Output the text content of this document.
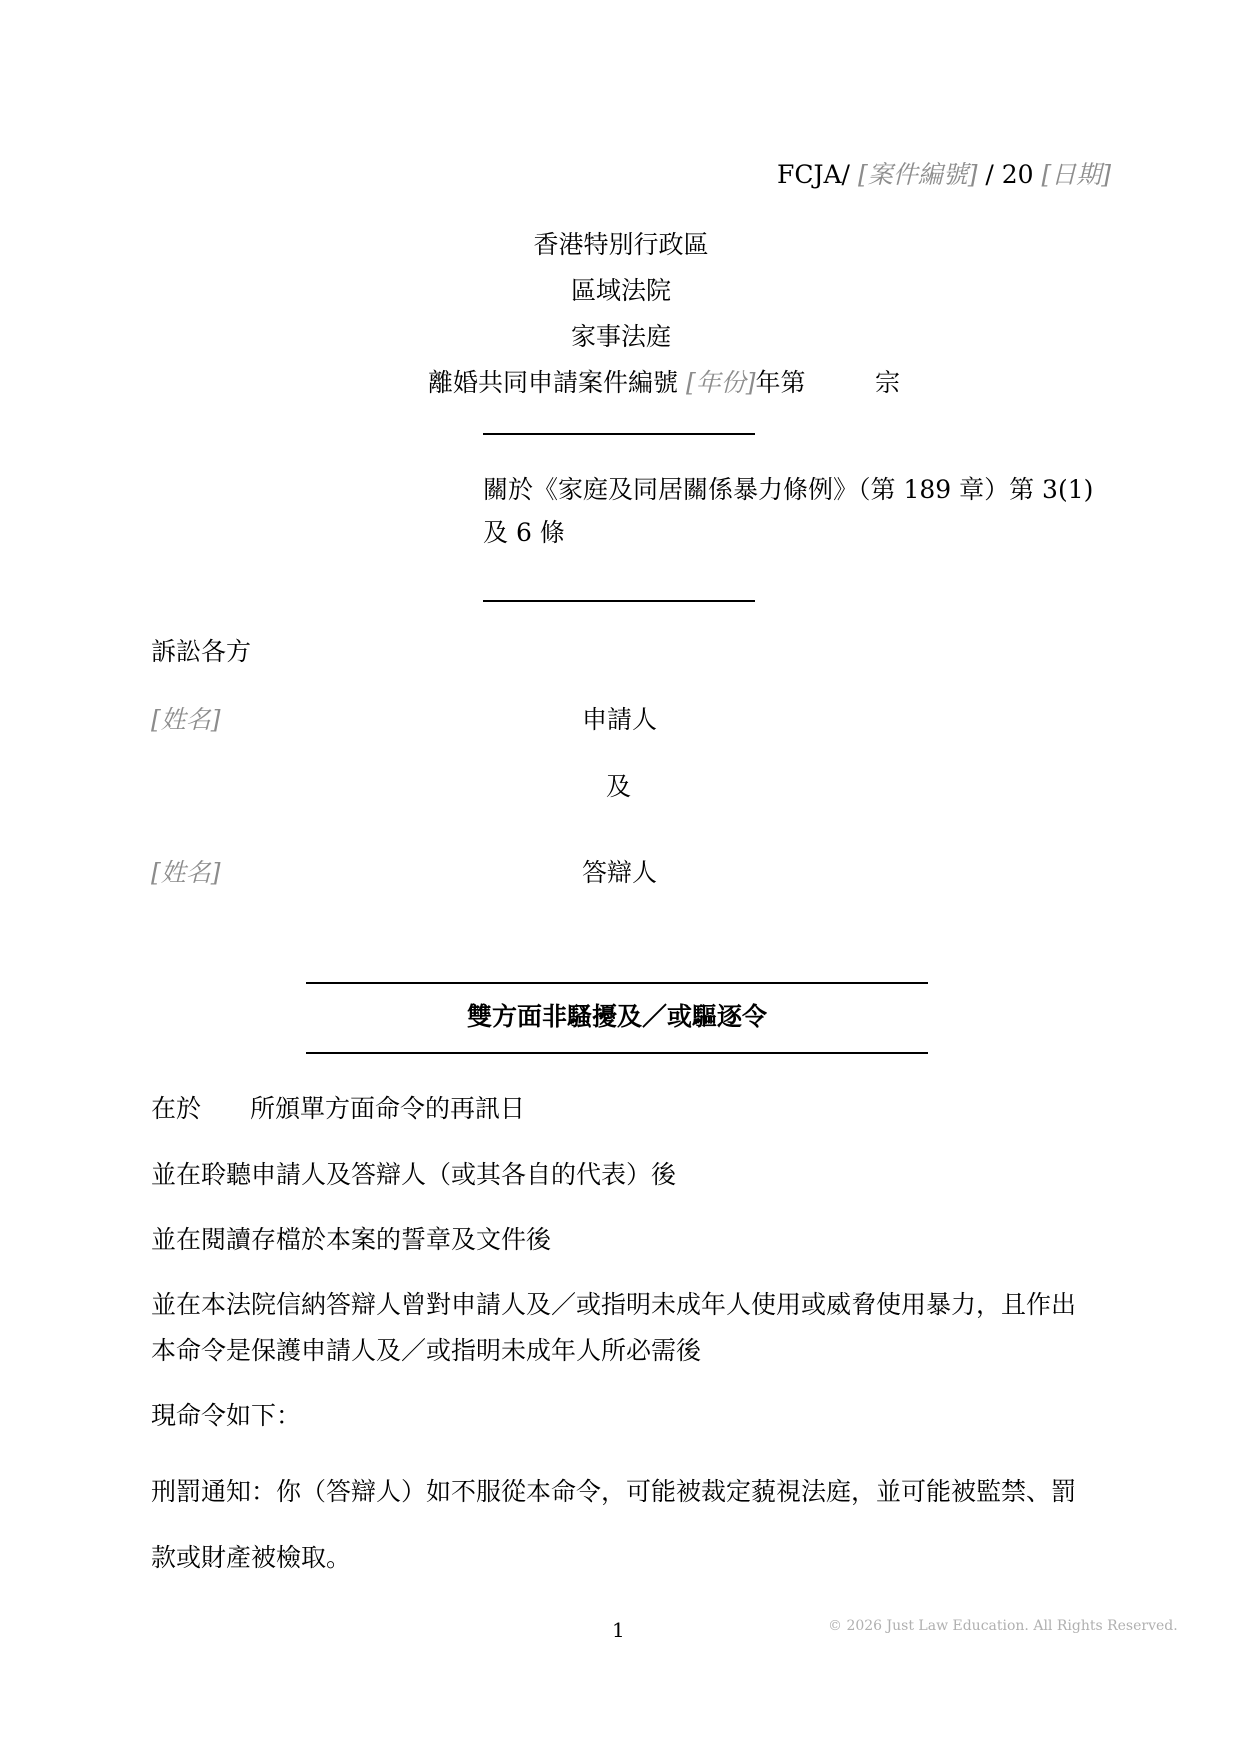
FCJA/ [案件編號] / 20 [日期]
香港特別行政區
區域法院
家事法庭
離婚共同申請案件編號 [年份]年第	宗
關於《家庭及同居關係暴力條例》（第 189 章）第 3(1)
及 6 條
訴訟各方
[姓名]	申請人
及
[姓名]	答辯人
雙方面非騷擾及／或驅逐令
在於 所頒單方面命令的再訊日
並在聆聽申請人及答辯人（或其各自的代表）後
並在閱讀存檔於本案的誓章及文件後
並在本法院信納答辯人曾對申請人及／或指明未成年人使用或威脅使用暴力，且作出
本命令是保護申請人及／或指明未成年人所必需後
現命令如下：
刑罰通知：你（答辯人）如不服從本命令，可能被裁定藐視法庭，並可能被監禁、罰
款或財產被檢取。
1	© 2026 Just Law Education. All Rights Reserved.
